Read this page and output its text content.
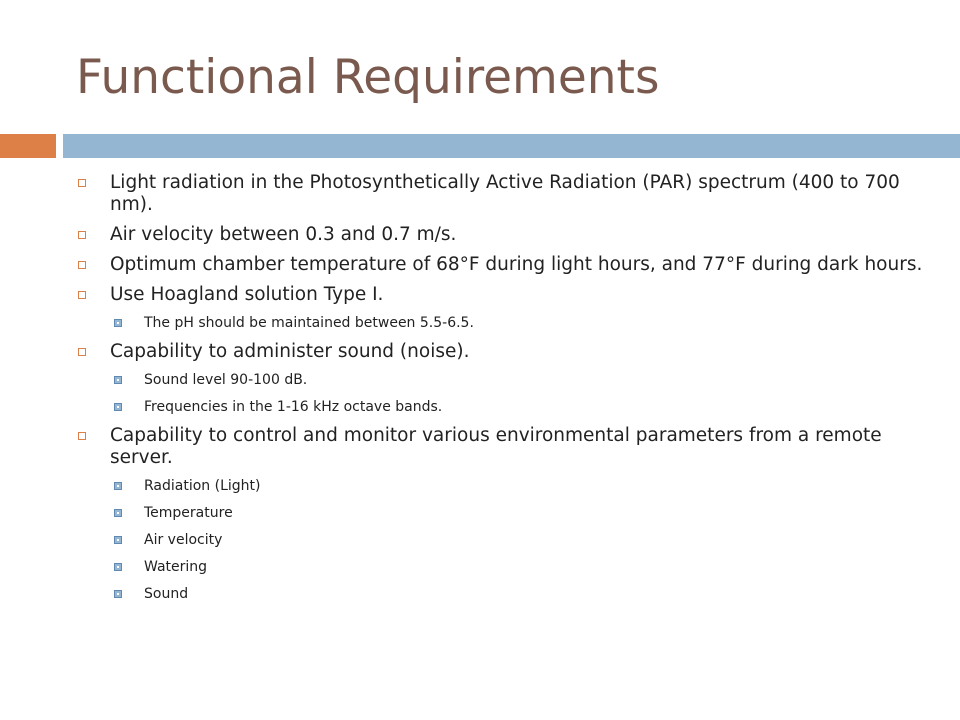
Functional Requirements
Light radiation in the Photosynthetically Active Radiation (PAR) spectrum (400 to 700 nm).
Air velocity between 0.3 and 0.7 m/s.
Optimum chamber temperature of 68°F during light hours, and 77°F during dark hours.
Use Hoagland solution Type I.
The pH should be maintained between 5.5-6.5.
Capability to administer sound (noise).
Sound level 90-100 dB.
Frequencies in the 1-16 kHz octave bands.
Capability to control and monitor various environmental parameters from a remote server.
Radiation (Light)
Temperature
Air velocity
Watering
Sound
